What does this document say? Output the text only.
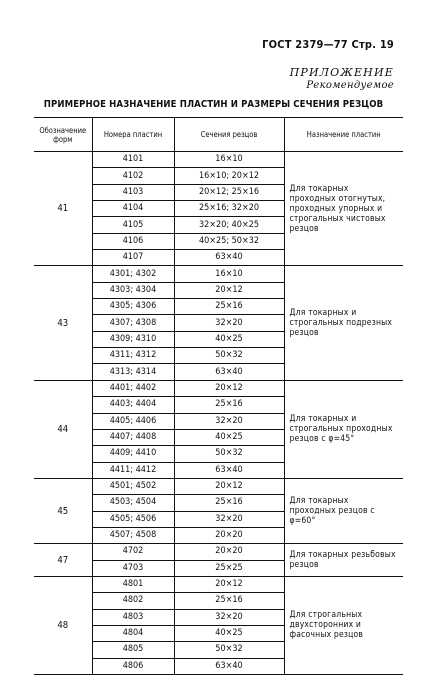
ГОСТ 2379—77 Стр. 19
ПРИЛОЖЕНИЕ
Рекомендуемое
ПРИМЕРНОЕ НАЗНАЧЕНИЕ ПЛАСТИН И РАЗМЕРЫ СЕЧЕНИЯ РЕЗЦОВ
Обозначение форм	Номера пластин	Сечения резцов	Назначение пластин
41	4101	16×10	Для токарных проходных отогнутых, проходных упорных и строгальных чистовых резцов
	4102	16×10; 20×12	
	4103	20×12; 25×16	
	4104	25×16; 32×20	
	4105	32×20; 40×25	
	4106	40×25; 50×32	
	4107	63×40	
43	4301; 4302	16×10	Для токарных и строгальных подрезных резцов
	4303; 4304	20×12	
	4305; 4306	25×16	
	4307; 4308	32×20	
	4309; 4310	40×25	
	4311; 4312	50×32	
	4313; 4314	63×40	
44	4401; 4402	20×12	Для токарных и строгальных проходных резцов с φ=45°
	4403; 4404	25×16	
	4405; 4406	32×20	
	4407; 4408	40×25	
	4409; 4410	50×32	
	4411; 4412	63×40	
45	4501; 4502	20×12	Для токарных проходных резцов с φ=60°
	4503; 4504	25×16	
	4505; 4506	32×20	
	4507; 4508	20×20	
47	4702	20×20	Для токарных резьбовых резцов
	4703	25×25	
48	4801	20×12	Для строгальных двухсторонних и фасочных резцов
	4802	25×16	
	4803	32×20	
	4804	40×25	
	4805	50×32	
	4806	63×40	
